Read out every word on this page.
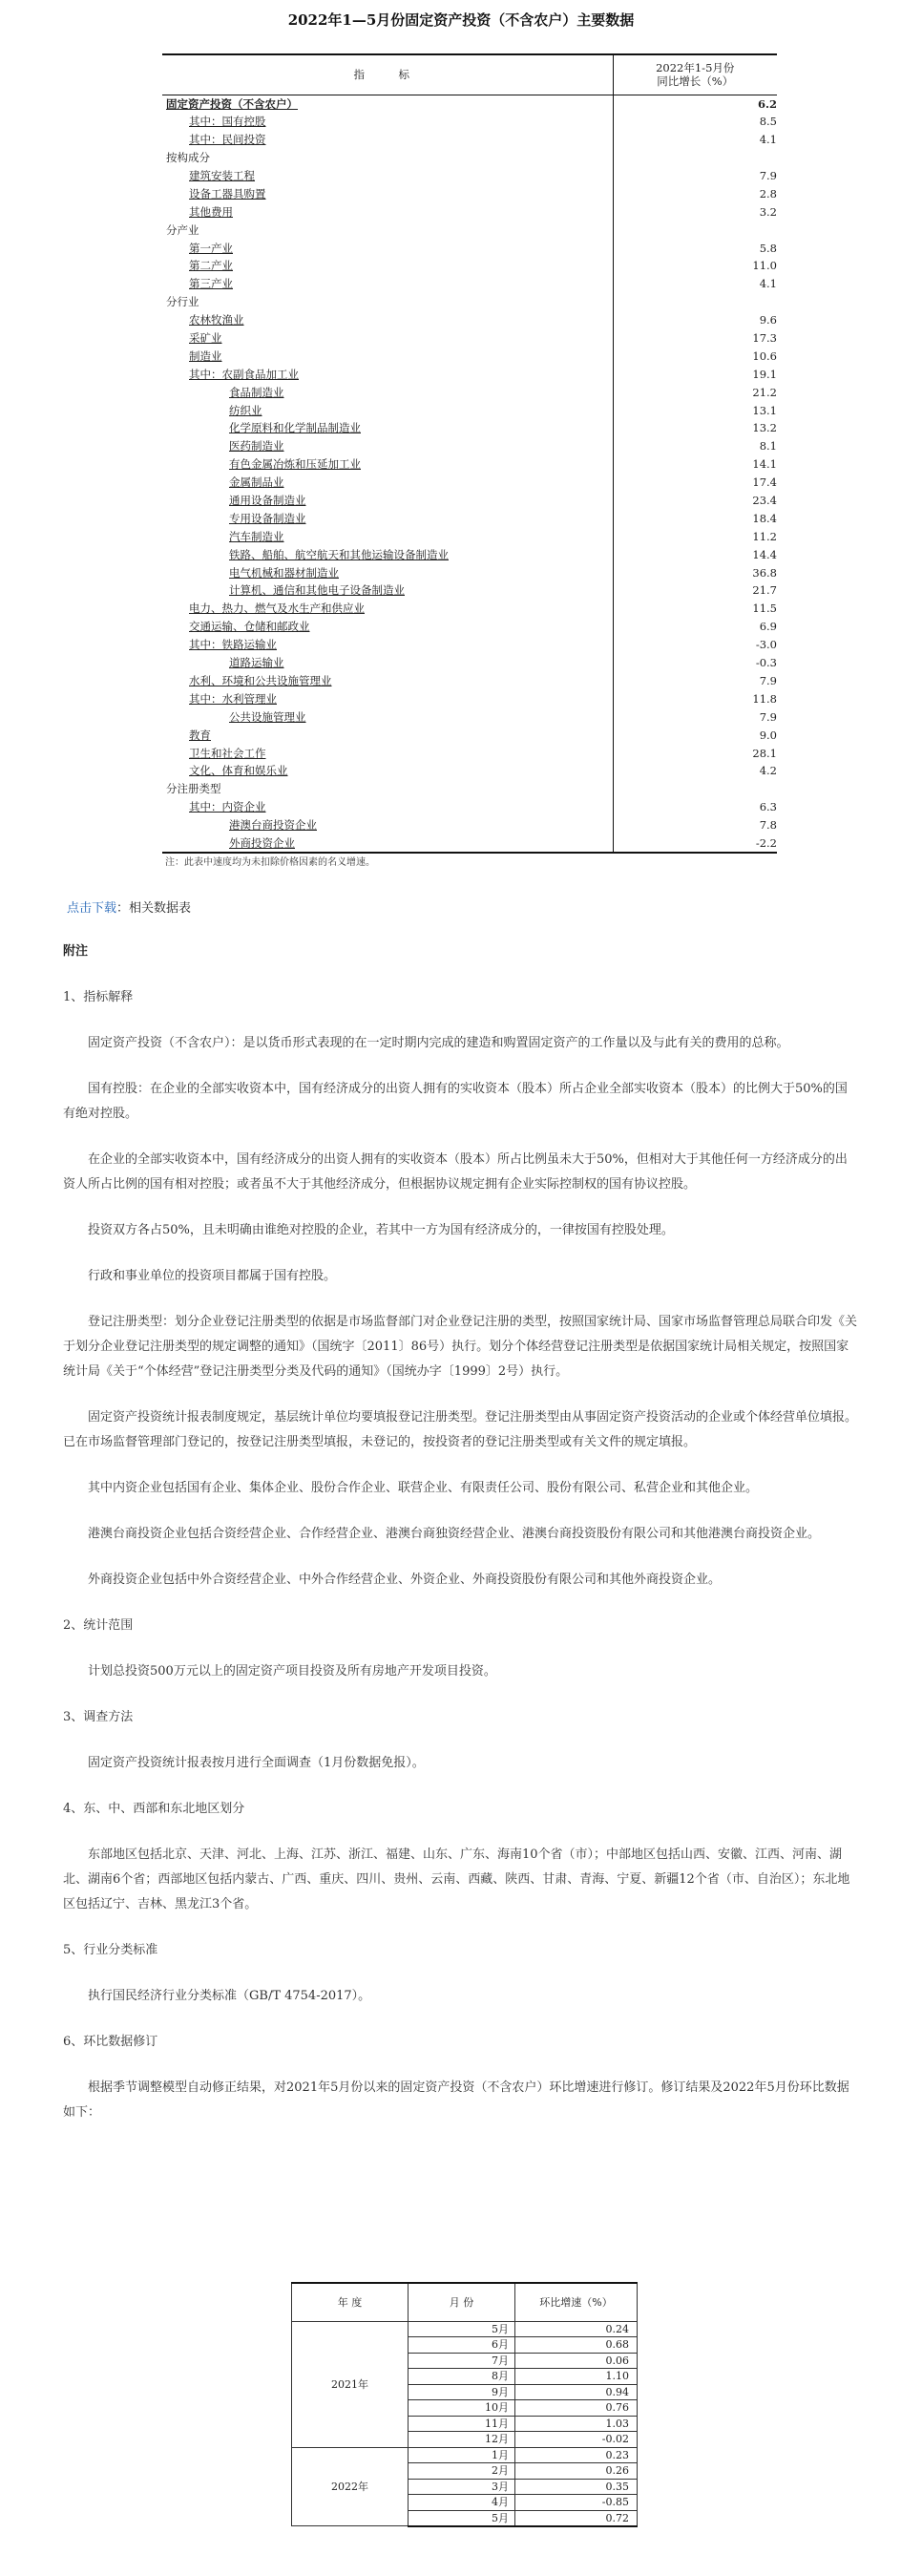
2022年1—5月份固定资产投资（不含农户）主要数据
指　标	2022年1-5月份
同比增长（%）

固定资产投资（不含农户）	6.2
其中：国有控股	8.5
其中：民间投资	4.1
按构成分	
建筑安装工程	7.9
设备工器具购置	2.8
其他费用	3.2
分产业	
第一产业	5.8
第二产业	11.0
第三产业	4.1
分行业	
农林牧渔业	9.6
采矿业	17.3
制造业	10.6
其中：农副食品加工业	19.1
食品制造业	21.2
纺织业	13.1
化学原料和化学制品制造业	13.2
医药制造业	8.1
有色金属冶炼和压延加工业	14.1
金属制品业	17.4
通用设备制造业	23.4
专用设备制造业	18.4
汽车制造业	11.2
铁路、船舶、航空航天和其他运输设备制造业	14.4
电气机械和器材制造业	36.8
计算机、通信和其他电子设备制造业	21.7
电力、热力、燃气及水生产和供应业	11.5
交通运输、仓储和邮政业	6.9
其中：铁路运输业	-3.0
道路运输业	-0.3
水利、环境和公共设施管理业	7.9
其中：水利管理业	11.8
公共设施管理业	7.9
教育	9.0
卫生和社会工作	28.1
文化、体育和娱乐业	4.2
分注册类型	
其中：内资企业	6.3
港澳台商投资企业	7.8
外商投资企业	-2.2
注：此表中速度均为未扣除价格因素的名义增速。
点击下载：相关数据表

附注

1、指标解释

固定资产投资（不含农户）：是以货币形式表现的在一定时期内完成的建造和购置固定资产的工作量以及与此有关的费用的总称。

国有控股：在企业的全部实收资本中，国有经济成分的出资人拥有的实收资本（股本）所占企业全部实收资本（股本）的比例大于50%的国有绝对控股。

在企业的全部实收资本中，国有经济成分的出资人拥有的实收资本（股本）所占比例虽未大于50%，但相对大于其他任何一方经济成分的出资人所占比例的国有相对控股；或者虽不大于其他经济成分，但根据协议规定拥有企业实际控制权的国有协议控股。

投资双方各占50%，且未明确由谁绝对控股的企业，若其中一方为国有经济成分的，一律按国有控股处理。

行政和事业单位的投资项目都属于国有控股。

登记注册类型：划分企业登记注册类型的依据是市场监督部门对企业登记注册的类型，按照国家统计局、国家市场监督管理总局联合印发《关于划分企业登记注册类型的规定调整的通知》（国统字〔2011〕86号）执行。划分个体经营登记注册类型是依据国家统计局相关规定，按照国家统计局《关于“个体经营”登记注册类型分类及代码的通知》（国统办字〔1999〕2号）执行。

固定资产投资统计报表制度规定，基层统计单位均要填报登记注册类型。登记注册类型由从事固定资产投资活动的企业或个体经营单位填报。已在市场监督管理部门登记的，按登记注册类型填报，未登记的，按投资者的登记注册类型或有关文件的规定填报。

其中内资企业包括国有企业、集体企业、股份合作企业、联营企业、有限责任公司、股份有限公司、私营企业和其他企业。

港澳台商投资企业包括合资经营企业、合作经营企业、港澳台商独资经营企业、港澳台商投资股份有限公司和其他港澳台商投资企业。

外商投资企业包括中外合资经营企业、中外合作经营企业、外资企业、外商投资股份有限公司和其他外商投资企业。

2、统计范围

计划总投资500万元以上的固定资产项目投资及所有房地产开发项目投资。

3、调查方法

固定资产投资统计报表按月进行全面调查（1月份数据免报）。

4、东、中、西部和东北地区划分

东部地区包括北京、天津、河北、上海、江苏、浙江、福建、山东、广东、海南10个省（市）；中部地区包括山西、安徽、江西、河南、湖北、湖南6个省；西部地区包括内蒙古、广西、重庆、四川、贵州、云南、西藏、陕西、甘肃、青海、宁夏、新疆12个省（市、自治区）；东北地区包括辽宁、吉林、黑龙江3个省。

5、行业分类标准

执行国民经济行业分类标准（GB/T 4754-2017）。

6、环比数据修订

根据季节调整模型自动修正结果，对2021年5月份以来的固定资产投资（不含农户）环比增速进行修订。修订结果及2022年5月份环比数据如下：

年 度	月 份	环比增速（%）
2021年	5月	0.24
	6月	0.68
	7月	0.06
	8月	1.10
	9月	0.94
	10月	0.76
	11月	1.03
	12月	-0.02
2022年	1月	0.23
	2月	0.26
	3月	0.35
	4月	-0.85
	5月	0.72
